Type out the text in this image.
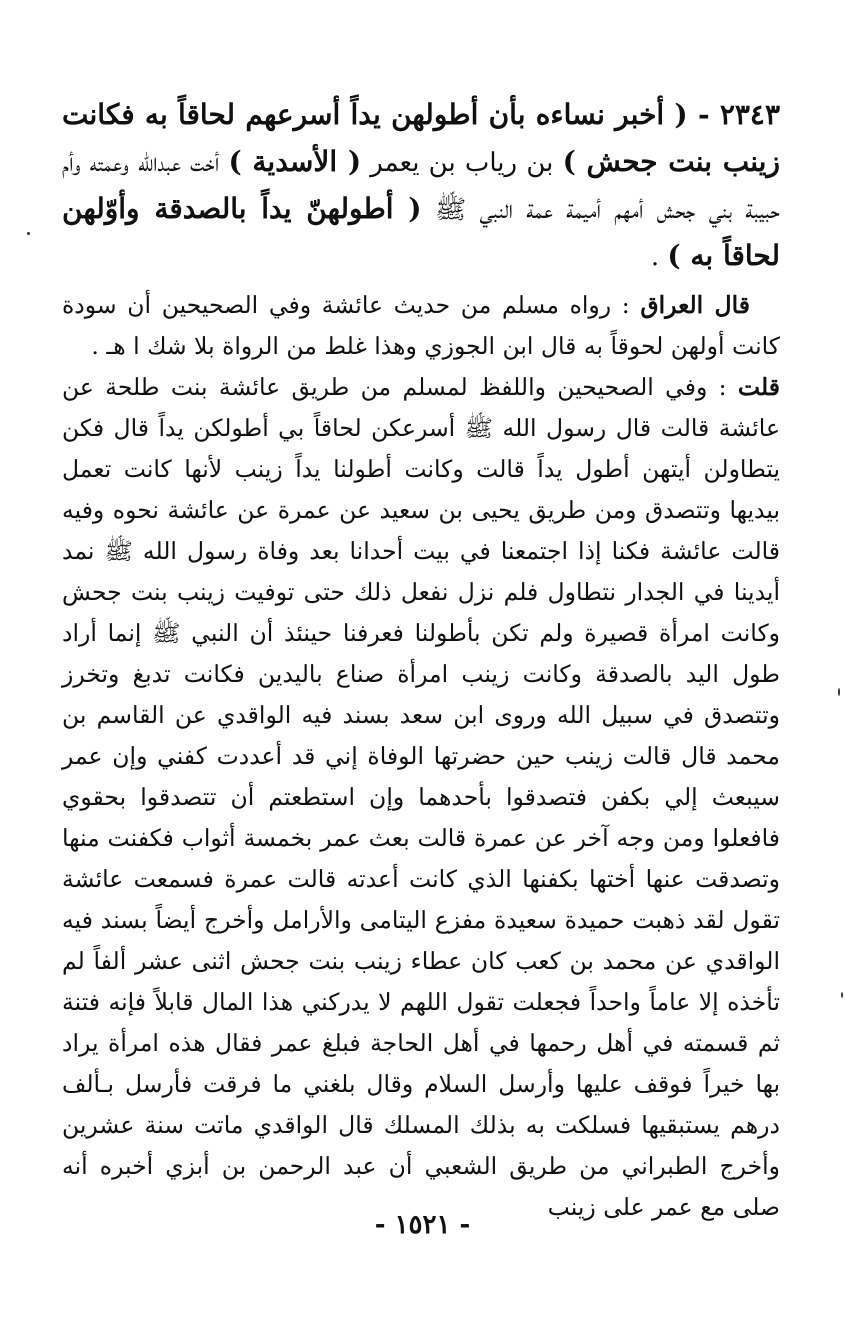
٢٣٤٣ - ( أخبر نساءه بأن أطولهن يداً أسرعهم لحاقاً به فكانت زينب بنت جحش ) بن رياب بن يعمر ( الأسدية ) أخت عبدالله وعمته وأم حبيبة بني جحش أمهم أميمة عمة النبي ﷺ ( أطولهنّ يداً بالصدقة وأوّلهن لحاقاً به ) .

قال العراق : رواه مسلم من حديث عائشة وفي الصحيحين أن سودة كانت أولهن لحوقاً به قال ابن الجوزي وهذا غلط من الرواة بلا شك ا هـ .

قلت : وفي الصحيحين واللفظ لمسلم من طريق عائشة بنت طلحة عن عائشة قالت قال رسول الله ﷺ أسرعكن لحاقاً بي أطولكن يداً قال فكن يتطاولن أيتهن أطول يداً قالت وكانت أطولنا يداً زينب لأنها كانت تعمل بيديها وتتصدق ومن طريق يحيى بن سعيد عن عمرة عن عائشة نحوه وفيه قالت عائشة فكنا إذا اجتمعنا في بيت أحدانا بعد وفاة رسول الله ﷺ نمد أيدينا في الجدار نتطاول فلم نزل نفعل ذلك حتى توفيت زينب بنت جحش وكانت امرأة قصيرة ولم تكن بأطولنا فعرفنا حينئذ أن النبي ﷺ إنما أراد طول اليد بالصدقة وكانت زينب امرأة صناع باليدين فكانت تدبغ وتخرز وتتصدق في سبيل الله وروى ابن سعد بسند فيه الواقدي عن القاسم بن محمد قال قالت زينب حين حضرتها الوفاة إني قد أعددت كفني وإن عمر سيبعث إلي بكفن فتصدقوا بأحدهما وإن استطعتم أن تتصدقوا بحقوي فافعلوا ومن وجه آخر عن عمرة قالت بعث عمر بخمسة أثواب فكفنت منها وتصدقت عنها أختها بكفنها الذي كانت أعدته قالت عمرة فسمعت عائشة تقول لقد ذهبت حميدة سعيدة مفزع اليتامى والأرامل وأخرج أيضاً بسند فيه الواقدي عن محمد بن كعب كان عطاء زينب بنت جحش اثنى عشر ألفاً لم تأخذه إلا عاماً واحداً فجعلت تقول اللهم لا يدركني هذا المال قابلاً فإنه فتنة ثم قسمته في أهل رحمها في أهل الحاجة فبلغ عمر فقال هذه امرأة يراد بها خيراً فوقف عليها وأرسل السلام وقال بلغني ما فرقت فأرسل بـألف درهم يستبقيها فسلكت به بذلك المسلك قال الواقدي ماتت سنة عشرين وأخرج الطبراني من طريق الشعبي أن عبد الرحمن بن أبزي أخبره أنه صلى مع عمر على زينب

- ١٥٢١ -
